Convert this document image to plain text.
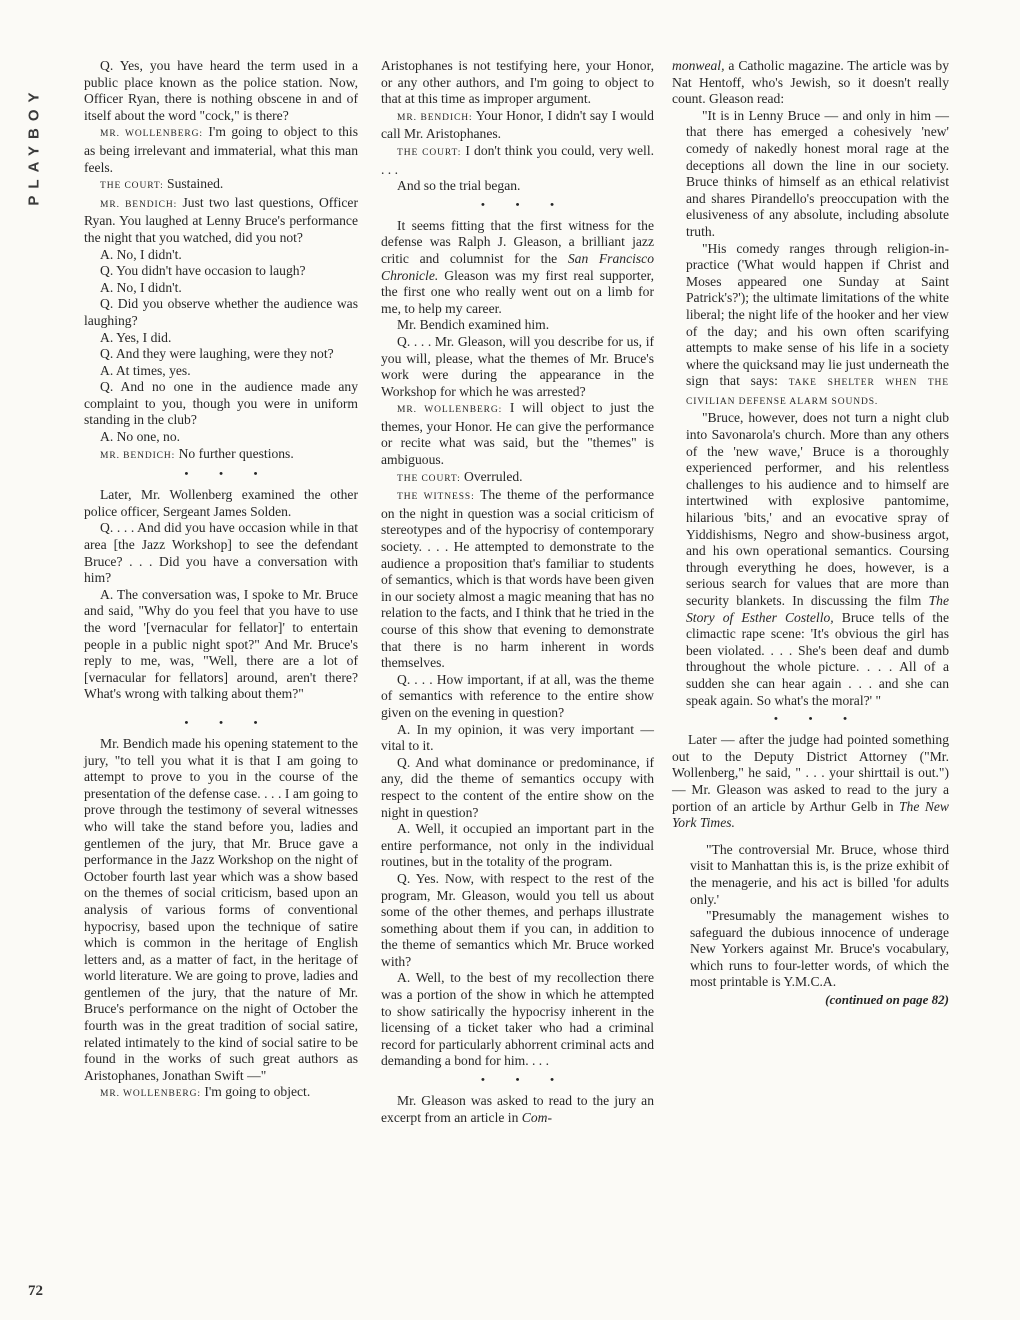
PLAYBOY
72

Q. Yes, you have heard the term used in a public place known as the police station. Now, Officer Ryan, there is nothing obscene in and of itself about the word "cock," is there?

MR. WOLLENBERG: I'm going to object to this as being irrelevant and immaterial, what this man feels.

THE COURT: Sustained.

MR. BENDICH: Just two last questions, Officer Ryan. You laughed at Lenny Bruce's performance the night that you watched, did you not?

A. No, I didn't.

Q. You didn't have occasion to laugh?

A. No, I didn't.

Q. Did you observe whether the audience was laughing?

A. Yes, I did.

Q. And they were laughing, were they not?

A. At times, yes.

Q. And no one in the audience made any complaint to you, though you were in uniform standing in the club?

A. No one, no.

MR. BENDICH: No further questions.

• • •

Later, Mr. Wollenberg examined the other police officer, Sergeant James Solden.

Q. . . . And did you have occasion while in that area [the Jazz Workshop] to see the defendant Bruce? . . . Did you have a conversation with him?

A. The conversation was, I spoke to Mr. Bruce and said, "Why do you feel that you have to use the word '[vernacular for fellator]' to entertain people in a public night spot?" And Mr. Bruce's reply to me, was, "Well, there are a lot of [vernacular for fellators] around, aren't there? What's wrong with talking about them?"

• • •

Mr. Bendich made his opening statement to the jury, "to tell you what it is that I am going to attempt to prove to you in the course of the presentation of the defense case. . . . I am going to prove through the testimony of several witnesses who will take the stand before you, ladies and gentlemen of the jury, that Mr. Bruce gave a performance in the Jazz Workshop on the night of October fourth last year which was a show based on the themes of social criticism, based upon an analysis of various forms of conventional hypocrisy, based upon the technique of satire which is common in the heritage of English letters and, as a matter of fact, in the heritage of world literature. We are going to prove, ladies and gentlemen of the jury, that the nature of Mr. Bruce's performance on the night of October the fourth was in the great tradition of social satire, related intimately to the kind of social satire to be found in the works of such great authors as Aristophanes, Jonathan Swift —"

MR. WOLLENBERG: I'm going to object.

Aristophanes is not testifying here, your Honor, or any other authors, and I'm going to object to that at this time as improper argument.

MR. BENDICH: Your Honor, I didn't say I would call Mr. Aristophanes.

THE COURT: I don't think you could, very well. . . .

And so the trial began.

• • •

It seems fitting that the first witness for the defense was Ralph J. Gleason, a brilliant jazz critic and columnist for the San Francisco Chronicle. Gleason was my first real supporter, the first one who really went out on a limb for me, to help my career.

Mr. Bendich examined him.

Q. . . . Mr. Gleason, will you describe for us, if you will, please, what the themes of Mr. Bruce's work were during the appearance in the Workshop for which he was arrested?

MR. WOLLENBERG: I will object to just the themes, your Honor. He can give the performance or recite what was said, but the "themes" is ambiguous.

THE COURT: Overruled.

THE WITNESS: The theme of the performance on the night in question was a social criticism of stereotypes and of the hypocrisy of contemporary society. . . . He attempted to demonstrate to the audience a proposition that's familiar to students of semantics, which is that words have been given in our society almost a magic meaning that has no relation to the facts, and I think that he tried in the course of this show that evening to demonstrate that there is no harm inherent in words themselves.

Q. . . . How important, if at all, was the theme of semantics with reference to the entire show given on the evening in question?

A. In my opinion, it was very important — vital to it.

Q. And what dominance or predominance, if any, did the theme of semantics occupy with respect to the content of the entire show on the night in question?

A. Well, it occupied an important part in the entire performance, not only in the individual routines, but in the totality of the program.

Q. Yes. Now, with respect to the rest of the program, Mr. Gleason, would you tell us about some of the other themes, and perhaps illustrate something about them if you can, in addition to the theme of semantics which Mr. Bruce worked with?

A. Well, to the best of my recollection there was a portion of the show in which he attempted to show satirically the hypocrisy inherent in the licensing of a ticket taker who had a criminal record for particularly abhorrent criminal acts and demanding a bond for him. . . .

• • •

Mr. Gleason was asked to read to the jury an excerpt from an article in Com-

monweal, a Catholic magazine. The article was by Nat Hentoff, who's Jewish, so it doesn't really count. Gleason read:

"It is in Lenny Bruce — and only in him — that there has emerged a cohesively 'new' comedy of nakedly honest moral rage at the deceptions all down the line in our society. Bruce thinks of himself as an ethical relativist and shares Pirandello's preoccupation with the elusiveness of any absolute, including absolute truth.

"His comedy ranges through religion-in-practice ('What would happen if Christ and Moses appeared one Sunday at Saint Patrick's?'); the ultimate limitations of the white liberal; the night life of the hooker and her view of the day; and his own often scarifying attempts to make sense of his life in a society where the quicksand may lie just underneath the sign that says: TAKE SHELTER WHEN THE CIVILIAN DEFENSE ALARM SOUNDS.

"Bruce, however, does not turn a night club into Savonarola's church. More than any others of the 'new wave,' Bruce is a thoroughly experienced performer, and his relentless challenges to his audience and to himself are intertwined with explosive pantomime, hilarious 'bits,' and an evocative spray of Yiddishisms, Negro and show-business argot, and his own operational semantics. Coursing through everything he does, however, is a serious search for values that are more than security blankets. In discussing the film The Story of Esther Costello, Bruce tells of the climactic rape scene: 'It's obvious the girl has been violated. . . . She's been deaf and dumb throughout the whole picture. . . . All of a sudden she can hear again . . . and she can speak again. So what's the moral?' "

• • •

Later — after the judge had pointed something out to the Deputy District Attorney ("Mr. Wollenberg," he said, " . . . your shirttail is out.") — Mr. Gleason was asked to read to the jury a portion of an article by Arthur Gelb in The New York Times.

"The controversial Mr. Bruce, whose third visit to Manhattan this is, is the prize exhibit of the menagerie, and his act is billed 'for adults only.'

"Presumably the management wishes to safeguard the dubious innocence of underage New Yorkers against Mr. Bruce's vocabulary, which runs to four-letter words, of which the most printable is Y.M.C.A.

(continued on page 82)
